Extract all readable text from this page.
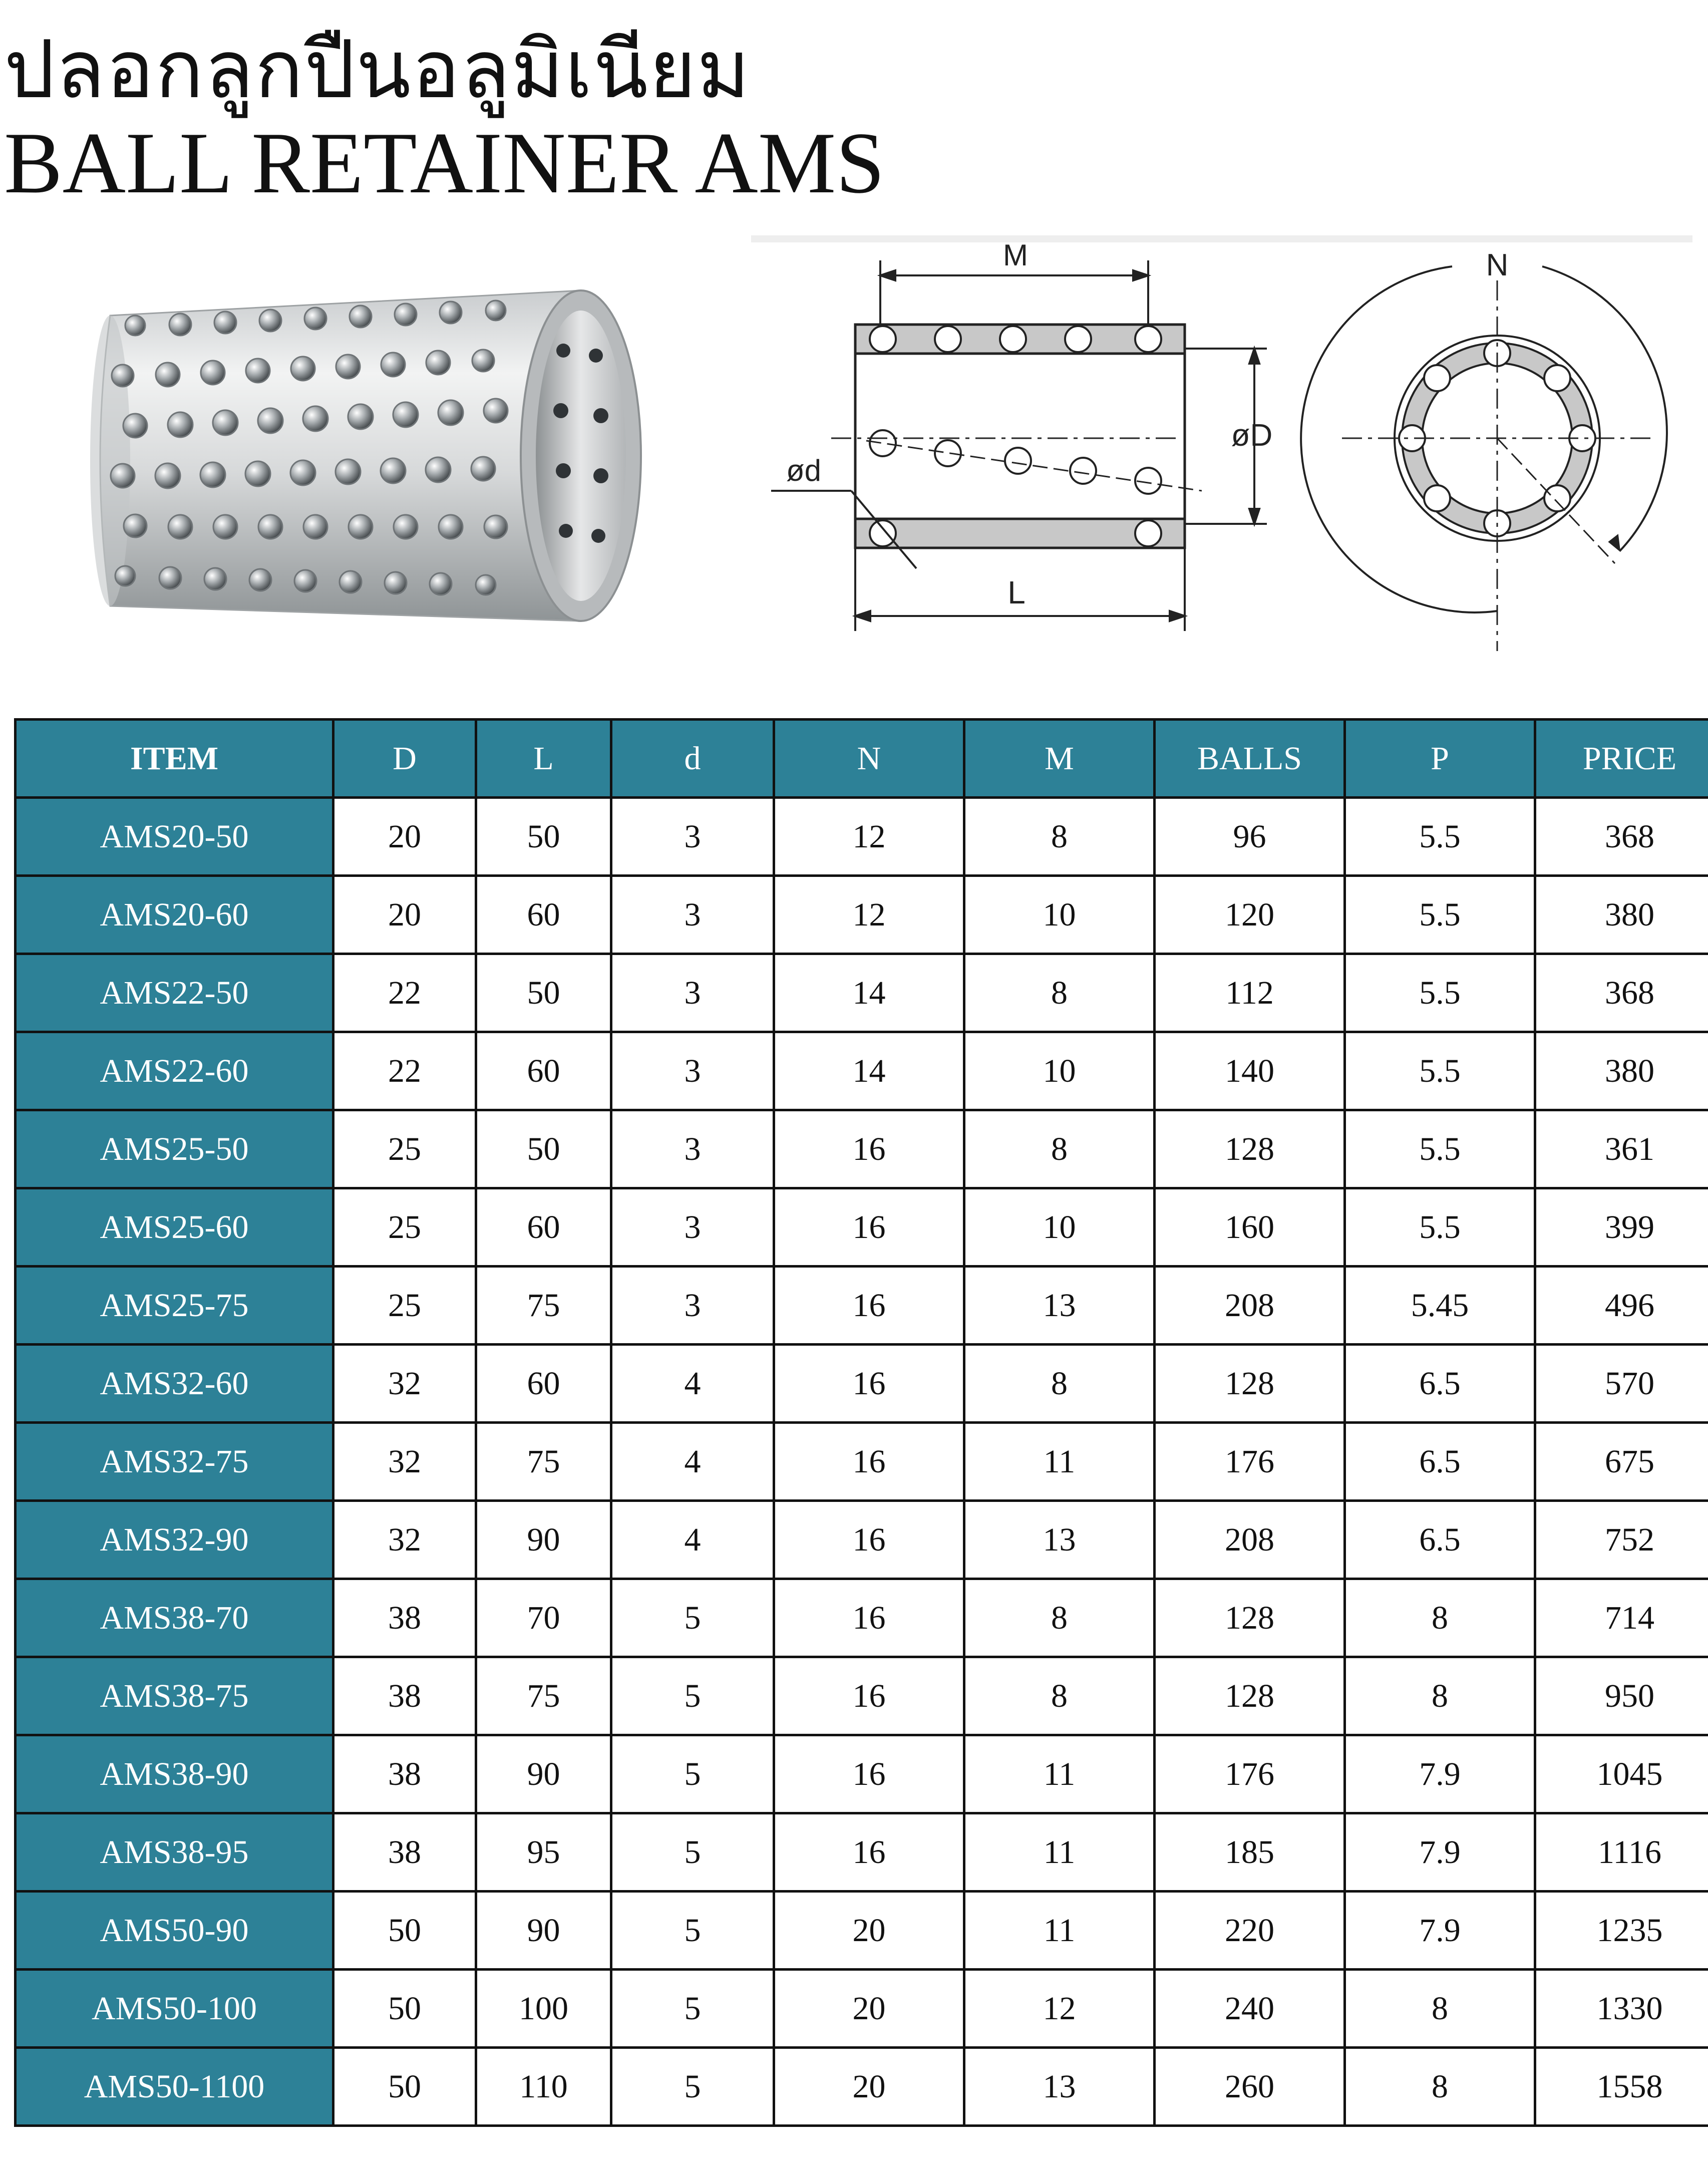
ปลอกลูกปืนอลูมิเนียม
BALL RETAINER AMS
M
L
øD
ød
N
ITEM	D	L	d	N	M	BALLS	P	PRICE
AMS20-50	20	50	3	12	8	96	5.5	368
AMS20-60	20	60	3	12	10	120	5.5	380
AMS22-50	22	50	3	14	8	112	5.5	368
AMS22-60	22	60	3	14	10	140	5.5	380
AMS25-50	25	50	3	16	8	128	5.5	361
AMS25-60	25	60	3	16	10	160	5.5	399
AMS25-75	25	75	3	16	13	208	5.45	496
AMS32-60	32	60	4	16	8	128	6.5	570
AMS32-75	32	75	4	16	11	176	6.5	675
AMS32-90	32	90	4	16	13	208	6.5	752
AMS38-70	38	70	5	16	8	128	8	714
AMS38-75	38	75	5	16	8	128	8	950
AMS38-90	38	90	5	16	11	176	7.9	1045
AMS38-95	38	95	5	16	11	185	7.9	1116
AMS50-90	50	90	5	20	11	220	7.9	1235
AMS50-100	50	100	5	20	12	240	8	1330
AMS50-1100	50	110	5	20	13	260	8	1558
